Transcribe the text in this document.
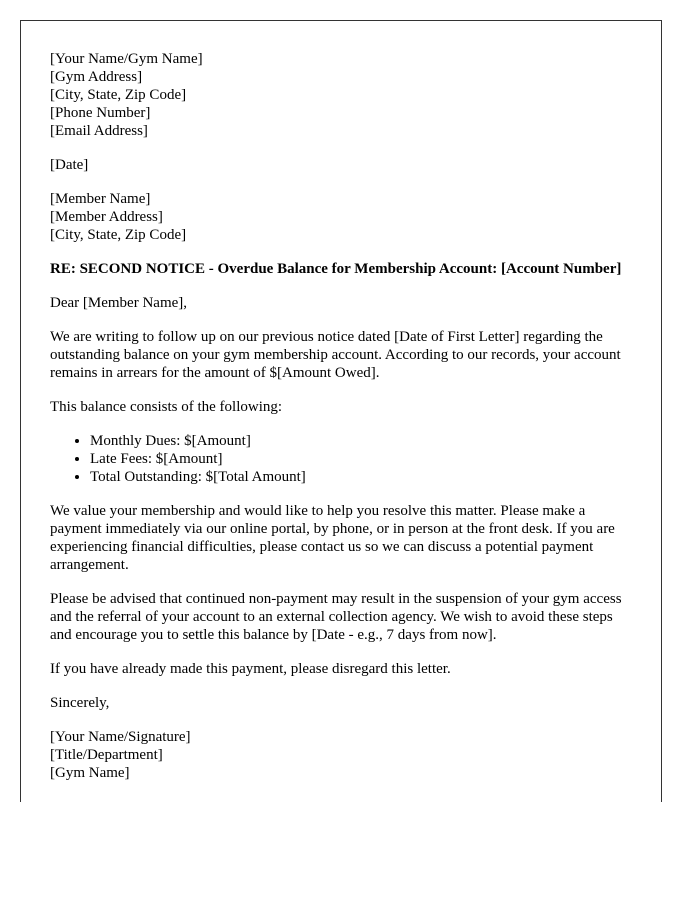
[Your Name/Gym Name]
[Gym Address]
[City, State, Zip Code]
[Phone Number]
[Email Address]

[Date]

[Member Name]
[Member Address]
[City, State, Zip Code]

RE: SECOND NOTICE - Overdue Balance for Membership Account: [Account Number]

Dear [Member Name],

We are writing to follow up on our previous notice dated [Date of First Letter] regarding the outstanding balance on your gym membership account. According to our records, your account remains in arrears for the amount of $[Amount Owed].

This balance consists of the following:

• Monthly Dues: $[Amount]
• Late Fees: $[Amount]
• Total Outstanding: $[Total Amount]

We value your membership and would like to help you resolve this matter. Please make a payment immediately via our online portal, by phone, or in person at the front desk. If you are experiencing financial difficulties, please contact us so we can discuss a potential payment arrangement.

Please be advised that continued non-payment may result in the suspension of your gym access and the referral of your account to an external collection agency. We wish to avoid these steps and encourage you to settle this balance by [Date - e.g., 7 days from now].

If you have already made this payment, please disregard this letter.

Sincerely,

[Your Name/Signature]
[Title/Department]
[Gym Name]
